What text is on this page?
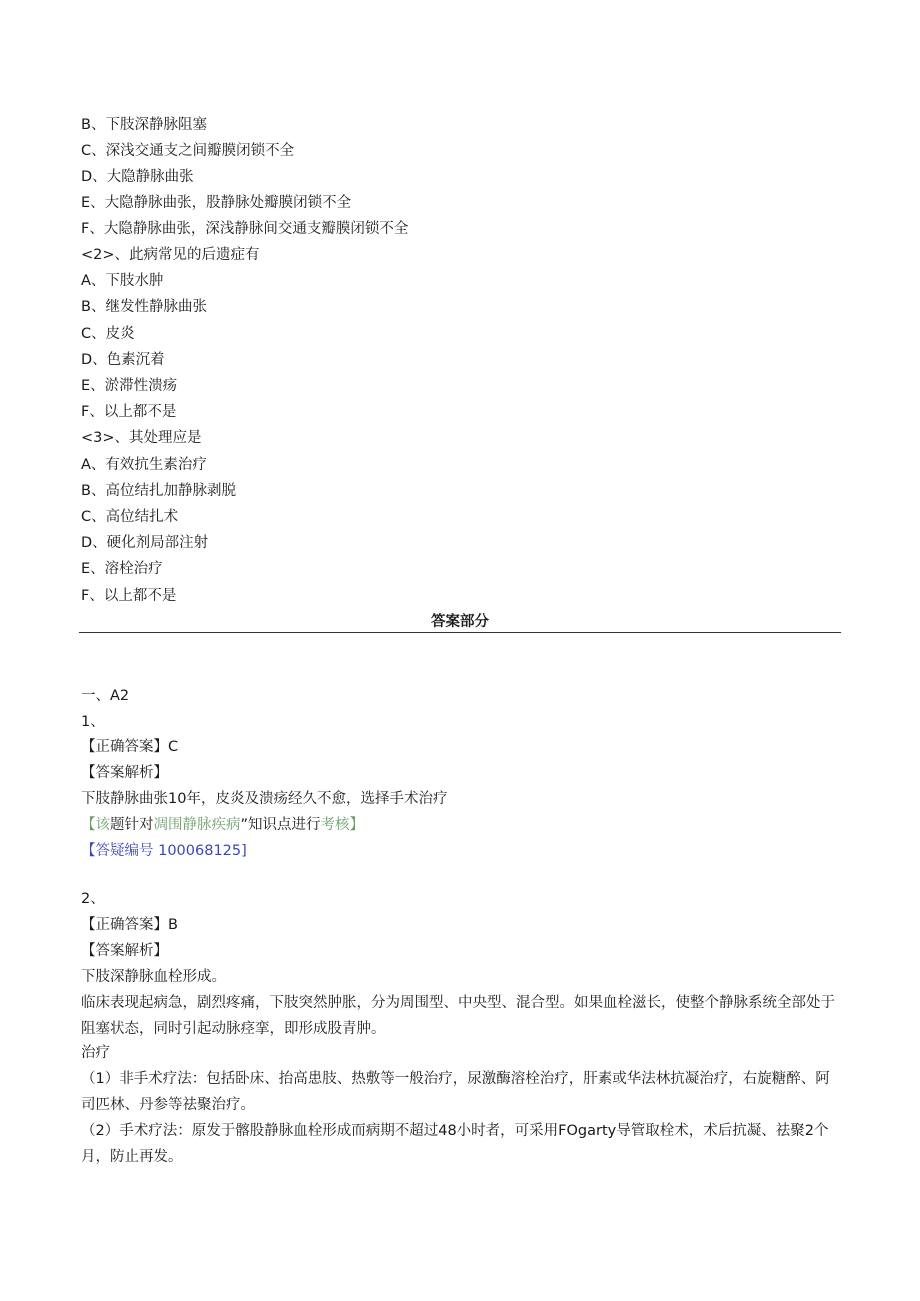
B、下肢深静脉阻塞
C、深浅交通支之间瓣膜闭锁不全
D、大隐静脉曲张
E、大隐静脉曲张，股静脉处瓣膜闭锁不全
F、大隐静脉曲张，深浅静脉间交通支瓣膜闭锁不全
<2>、此病常见的后遗症有
A、下肢水肿
B、继发性静脉曲张
C、皮炎
D、色素沉着
E、淤滞性溃疡
F、以上都不是
<3>、其处理应是
A、有效抗生素治疗
B、高位结扎加静脉剥脱
C、高位结扎术
D、硬化剂局部注射
E、溶栓治疗
F、以上都不是
答案部分
一、A2
1、
【正确答案】C
【答案解析】
下肢静脉曲张10年，皮炎及溃疡经久不愈，选择手术治疗
【该题针对凋围静脉疾病”知识点进行考核】
【答疑编号 100068125]
2、
【正确答案】B
【答案解析】
下肢深静脉血栓形成。
临床表现起病急，剧烈疼痛，下肢突然肿胀，分为周围型、中央型、混合型。如果血栓滋长，使整个静脉系统全部处于阻塞状态，同时引起动脉痉挛，即形成股青肿。
治疗
（1）非手术疗法：包括卧床、抬高患肢、热敷等一般治疗，尿激酶溶栓治疗，肝素或华法林抗凝治疗，右旋糖醉、阿司匹林、丹参等祛聚治疗。
（2）手术疗法：原发于髂股静脉血栓形成而病期不超过48小时者，可采用FOgarty导管取栓术，术后抗凝、祛聚2个月，防止再发。
